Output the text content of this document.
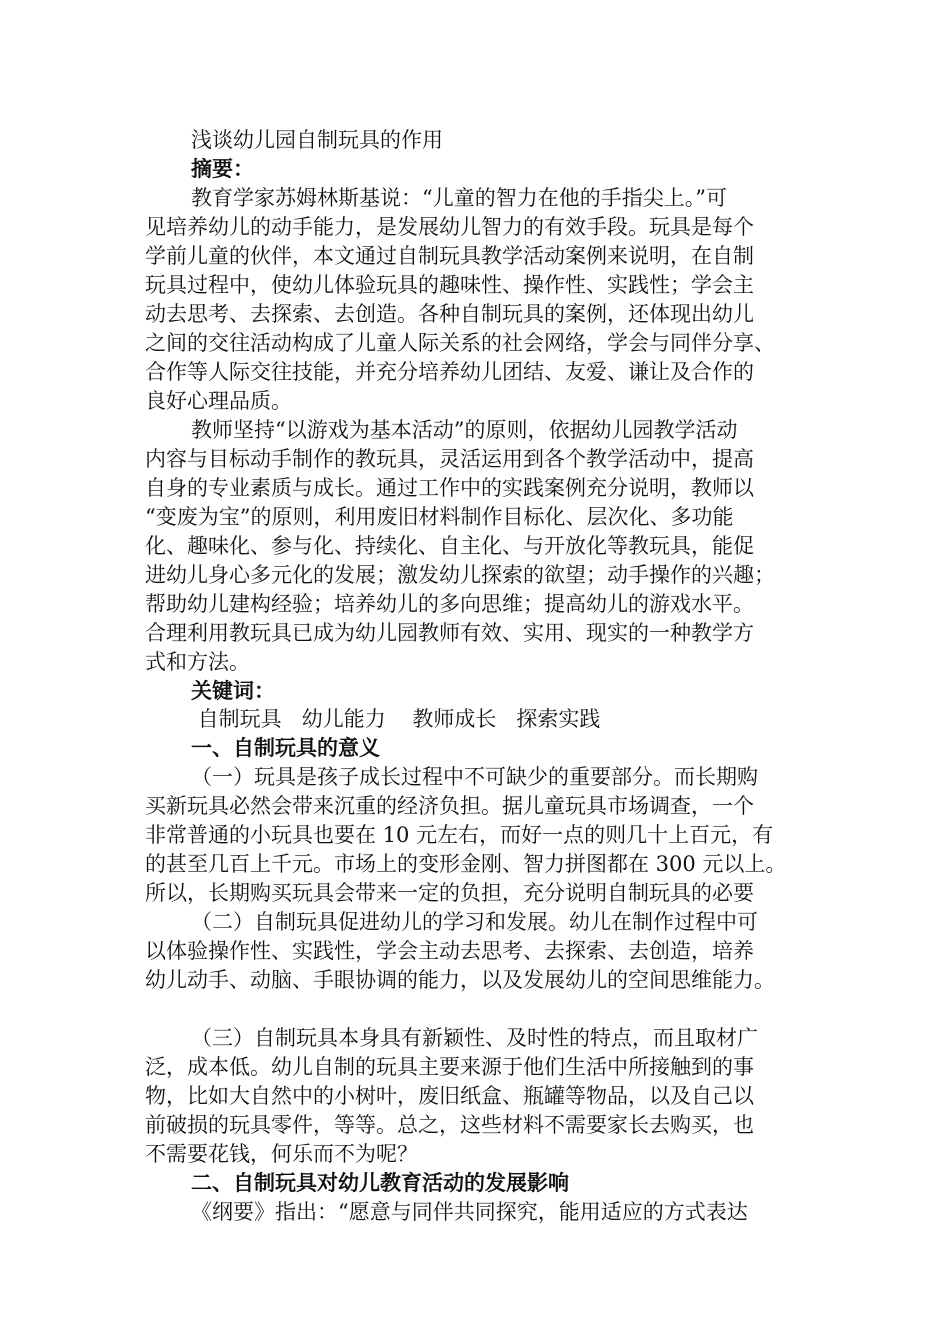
浅谈幼儿园自制玩具的作用
摘要：
教育学家苏姆林斯基说：“儿童的智力在他的手指尖上。”可
见培养幼儿的动手能力，是发展幼儿智力的有效手段。玩具是每个
学前儿童的伙伴，本文通过自制玩具教学活动案例来说明，在自制
玩具过程中，使幼儿体验玩具的趣味性、操作性、实践性；学会主
动去思考、去探索、去创造。各种自制玩具的案例，还体现出幼儿
之间的交往活动构成了儿童人际关系的社会网络，学会与同伴分享、
合作等人际交往技能，并充分培养幼儿团结、友爱、谦让及合作的
良好心理品质。
教师坚持“以游戏为基本活动”的原则，依据幼儿园教学活动
内容与目标动手制作的教玩具，灵活运用到各个教学活动中，提高
自身的专业素质与成长。通过工作中的实践案例充分说明，教师以
“变废为宝”的原则，利用废旧材料制作目标化、层次化、多功能
化、趣味化、参与化、持续化、自主化、与开放化等教玩具，能促
进幼儿身心多元化的发展；激发幼儿探索的欲望；动手操作的兴趣；
帮助幼儿建构经验；培养幼儿的多向思维；提高幼儿的游戏水平。
合理利用教玩具已成为幼儿园教师有效、实用、现实的一种教学方
式和方法。
关键词：
自制玩具   幼儿能力    教师成长   探索实践
一、自制玩具的意义
（一）玩具是孩子成长过程中不可缺少的重要部分。而长期购
买新玩具必然会带来沉重的经济负担。据儿童玩具市场调查，一个
非常普通的小玩具也要在 10 元左右，而好一点的则几十上百元，有
的甚至几百上千元。市场上的变形金刚、智力拼图都在 300 元以上。
所以，长期购买玩具会带来一定的负担，充分说明自制玩具的必要
（二）自制玩具促进幼儿的学习和发展。幼儿在制作过程中可
以体验操作性、实践性，学会主动去思考、去探索、去创造，培养
幼儿动手、动脑、手眼协调的能力，以及发展幼儿的空间思维能力。
（三）自制玩具本身具有新颖性、及时性的特点，而且取材广
泛，成本低。幼儿自制的玩具主要来源于他们生活中所接触到的事
物，比如大自然中的小树叶，废旧纸盒、瓶罐等物品，以及自己以
前破损的玩具零件，等等。总之，这些材料不需要家长去购买，也
不需要花钱，何乐而不为呢？
二、自制玩具对幼儿教育活动的发展影响
《纲要》指出：“愿意与同伴共同探究，能用适应的方式表达
